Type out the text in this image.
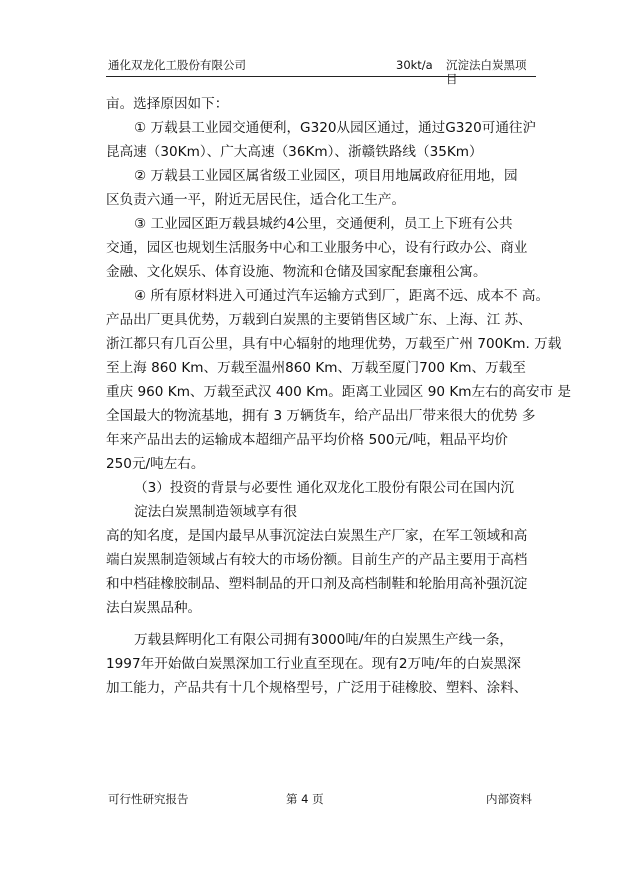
通化双龙化工股份有限公司	30kt/a 沉淀法白炭黑项目
亩。选择原因如下：
① 万载县工业园交通便利，G320从园区通过，通过G320可通往沪
昆高速（30Km）、广大高速（36Km）、浙赣铁路线（35Km）
② 万载县工业园区属省级工业园区，项目用地属政府征用地，园
区负责六通一平，附近无居民住，适合化工生产。
③ 工业园区距万载县城约4公里，交通便利，员工上下班有公共
交通，园区也规划生活服务中心和工业服务中心，设有行政办公、商业
金融、文化娱乐、体育设施、物流和仓储及国家配套廉租公寓。
④ 所有原材料进入可通过汽车运输方式到厂，距离不远、成本不 高。
产品出厂更具优势，万载到白炭黑的主要销售区域广东、上海、江 苏、
浙江都只有几百公里，具有中心辐射的地理优势，万载至广州 700Km. 万载
至上海 860 Km、万载至温州860 Km、万载至厦门700 Km、万载至
重庆 960 Km、万载至武汉 400 Km。距离工业园区 90 Km左右的高安市 是
全国最大的物流基地，拥有 3 万辆货车，给产品出厂带来很大的优势 多
年来产品出去的运输成本超细产品平均价格 500元/吨，粗品平均价
250元/吨左右。
（3）投资的背景与必要性 通化双龙化工股份有限公司在国内沉
淀法白炭黑制造领域享有很
高的知名度，是国内最早从事沉淀法白炭黑生产厂家，在军工领域和高
端白炭黑制造领域占有较大的市场份额。目前生产的产品主要用于高档
和中档硅橡胶制品、塑料制品的开口剂及高档制鞋和轮胎用高补强沉淀
法白炭黑品种。
万载县辉明化工有限公司拥有3000吨/年的白炭黑生产线一条，
1997年开始做白炭黑深加工行业直至现在。现有2万吨/年的白炭黑深
加工能力，产品共有十几个规格型号，广泛用于硅橡胶、塑料、涂料、
可行性研究报告	第 4 页	内部资料
